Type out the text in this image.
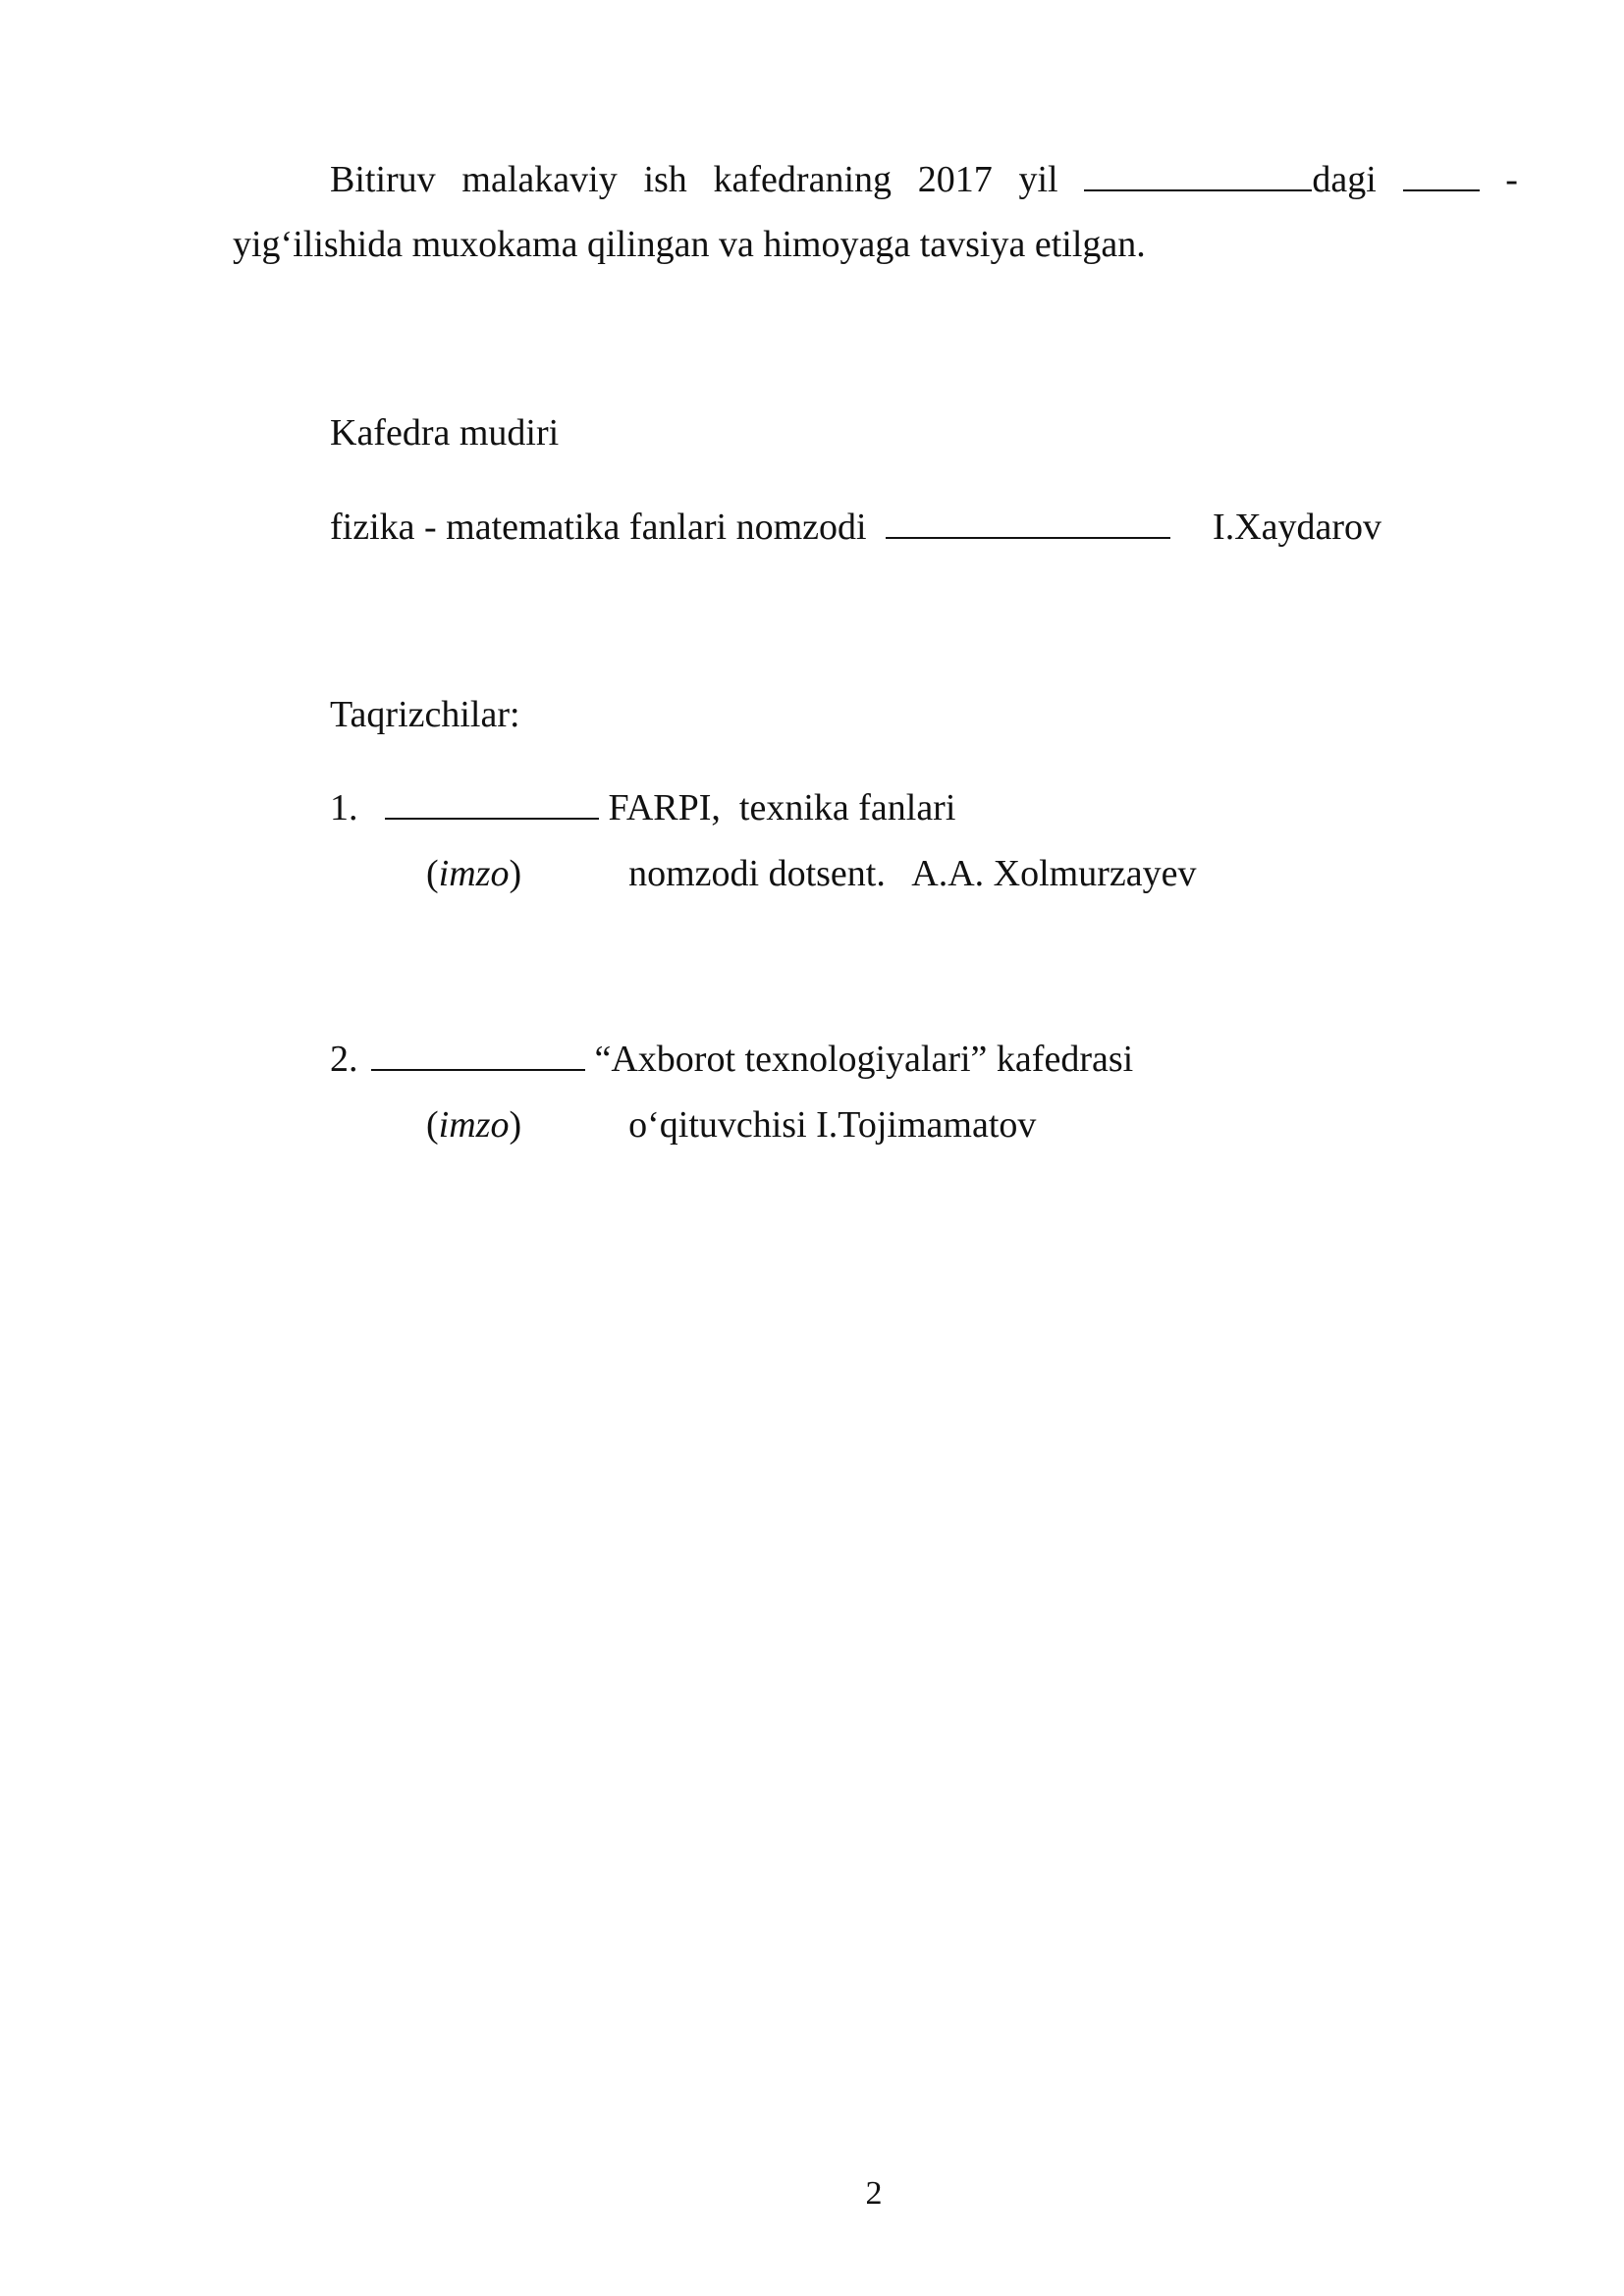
Bitiruv malakaviy ish kafedraning 2017 yil	dagi	-
yig‘ilishida muxokama qilingan va himoyaga tavsiya etilgan.
Kafedra mudiri
fizika - matematika fanlari nomzodi	I.Xaydarov
Taqrizchilar:
1.	FARPI,  texnika fanlari
(imzo)	nomzodi dotsent.   A.A. Xolmurzayev
2.	“Axborot texnologiyalari” kafedrasi
(imzo)	o‘qituvchisi I.Tojimamatov
2
